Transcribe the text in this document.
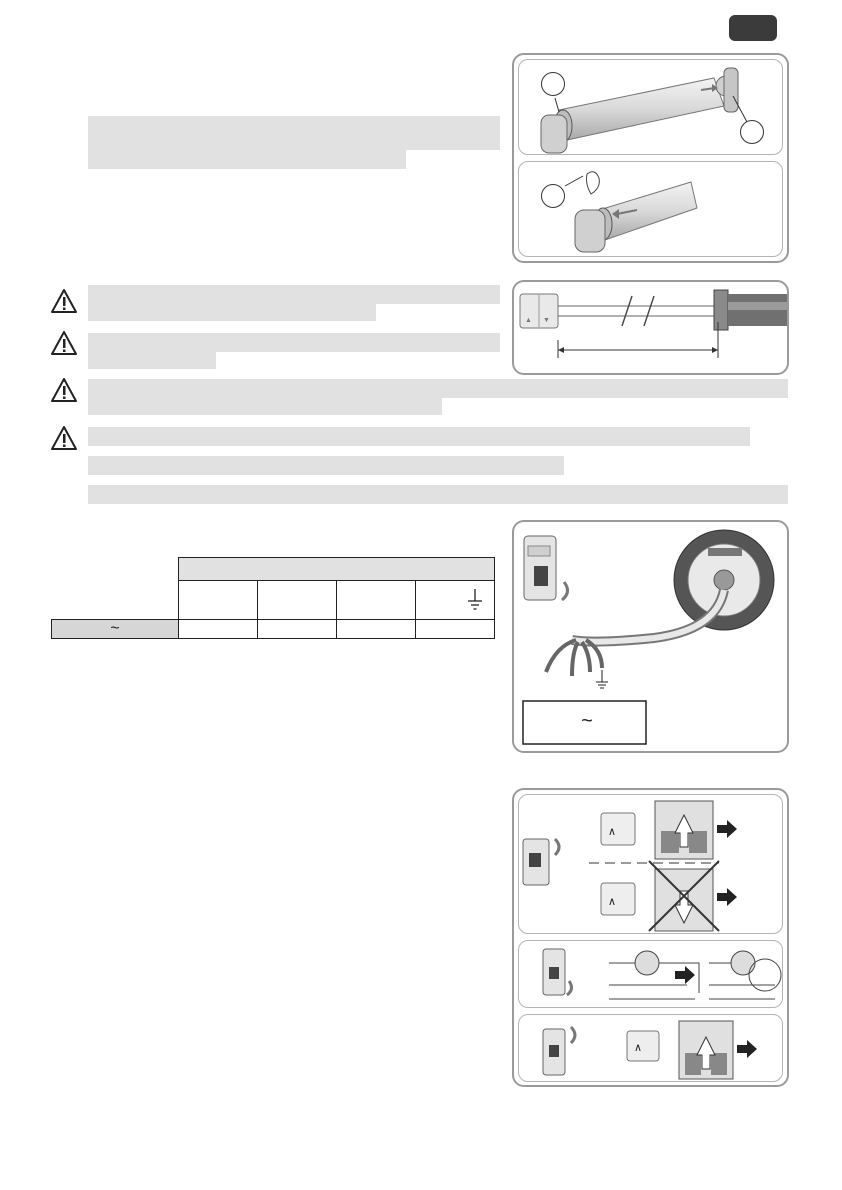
▲ ▼

~				
~
∧
∧
∧
